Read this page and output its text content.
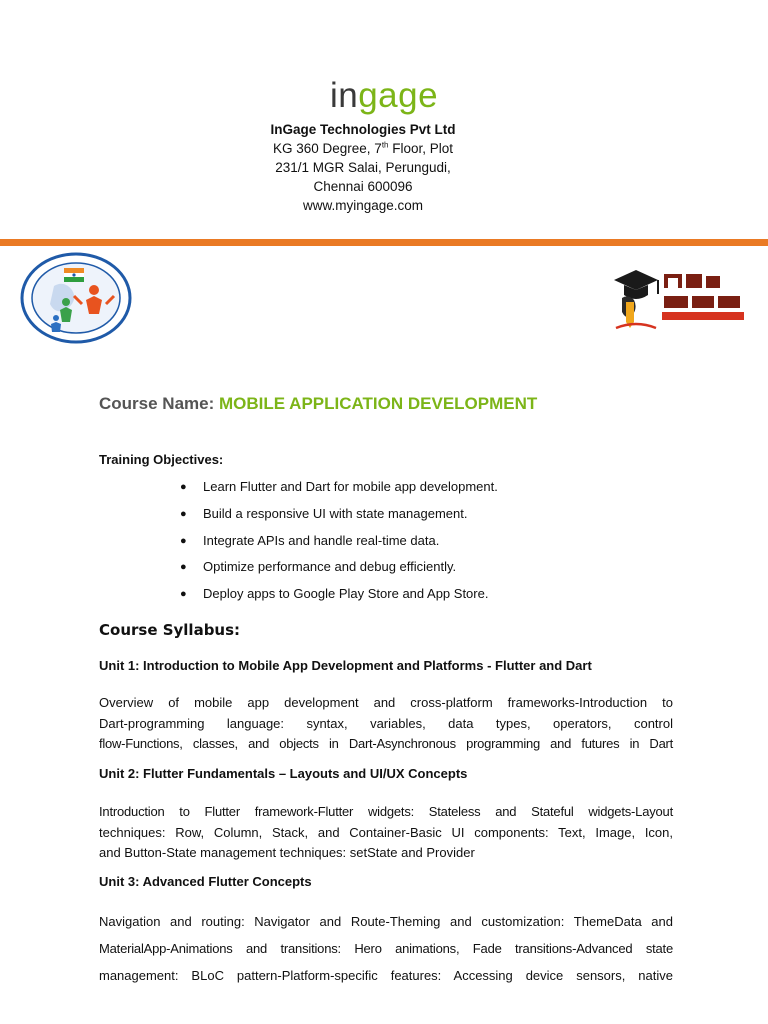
ingage
InGage Technologies Pvt Ltd
KG 360 Degree, 7th Floor, Plot
231/1 MGR Salai, Perungudi,
Chennai 600096
www.myingage.com
Course Name: MOBILE APPLICATION DEVELOPMENT
Training Objectives:
● Learn Flutter and Dart for mobile app development.
● Build a responsive UI with state management.
● Integrate APIs and handle real-time data.
● Optimize performance and debug efficiently.
● Deploy apps to Google Play Store and App Store.
Course Syllabus:
Unit 1: Introduction to Mobile App Development and Platforms - Flutter and Dart
Overview of mobile app development and cross-platform frameworks-Introduction to
Dart-programming language: syntax, variables, data types, operators, control
flow-Functions, classes, and objects in Dart-Asynchronous programming and futures in Dart
Unit 2: Flutter Fundamentals – Layouts and UI/UX Concepts
Introduction to Flutter framework-Flutter widgets: Stateless and Stateful widgets-Layout
techniques: Row, Column, Stack, and Container-Basic UI components: Text, Image, Icon,
and Button-State management techniques: setState and Provider
Unit 3: Advanced Flutter Concepts
Navigation and routing: Navigator and Route-Theming and customization: ThemeData and
MaterialApp-Animations and transitions: Hero animations, Fade transitions-Advanced state
management: BLoC pattern-Platform-specific features: Accessing device sensors, native
